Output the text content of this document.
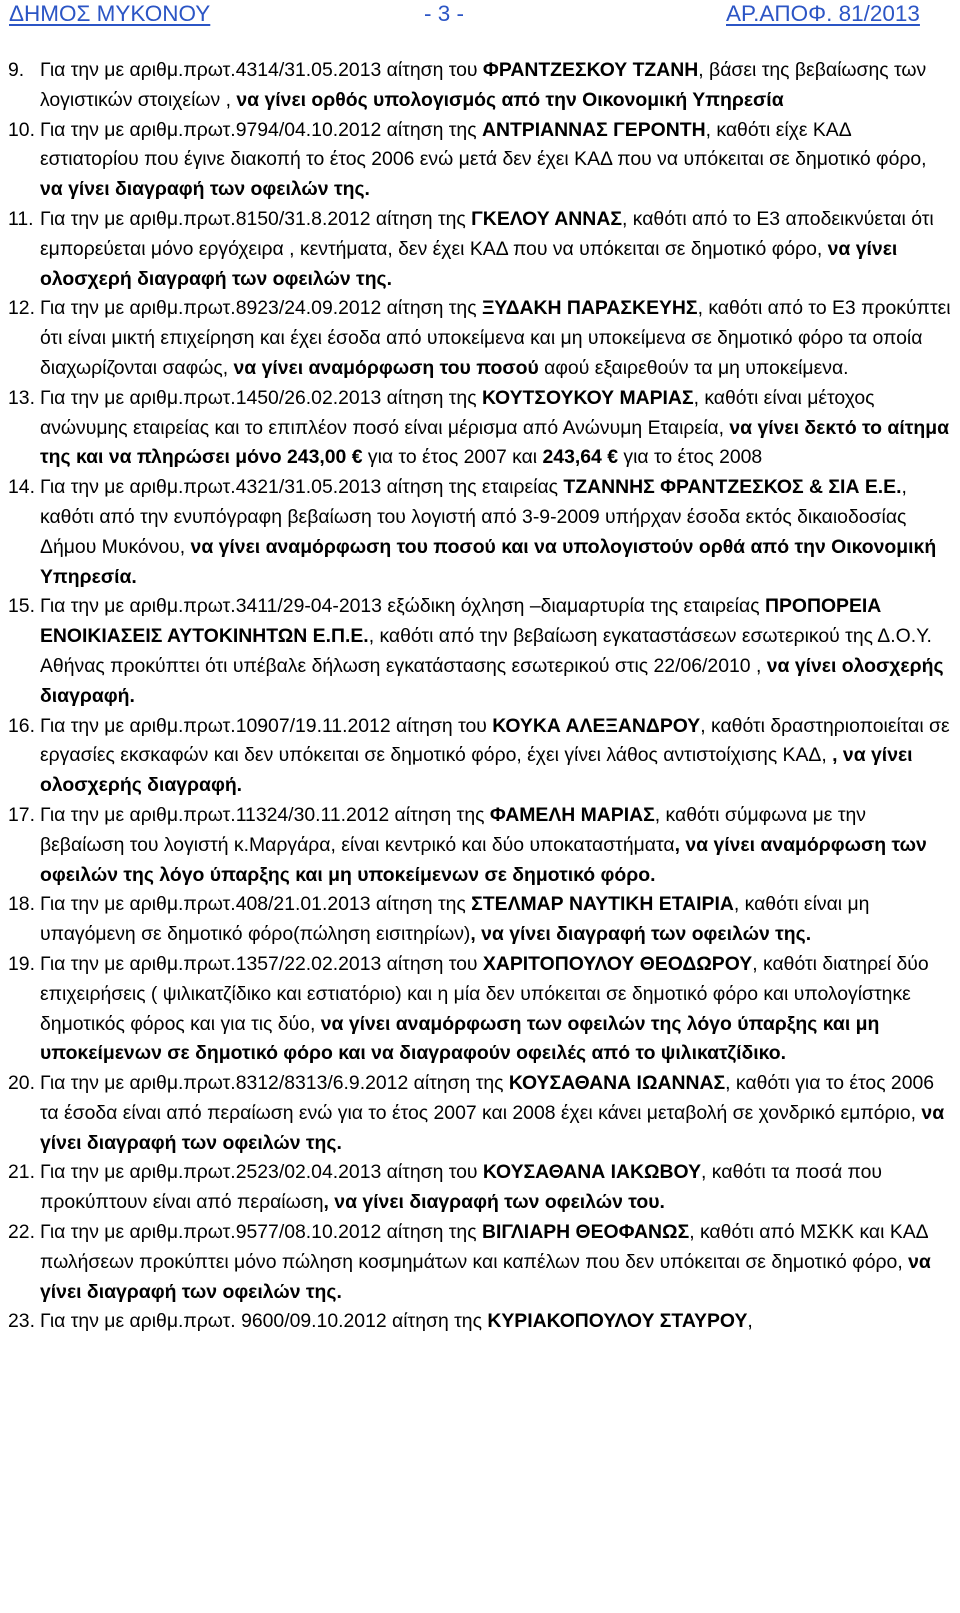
ΔΗΜΟΣ ΜΥΚΟΝΟΥ	- 3 -	ΑΡ.ΑΠΟΦ. 81/2013
9. Για την με αριθμ.πρωτ.4314/31.05.2013 αίτηση του ΦΡΑΝΤΖΕΣΚΟΥ ΤΖΑΝΗ, βάσει της βεβαίωσης των λογιστικών στοιχείων , να γίνει ορθός υπολογισμός από την Οικονομική Υπηρεσία
10. Για την με αριθμ.πρωτ.9794/04.10.2012 αίτηση της ΑΝΤΡΙΑΝΝΑΣ ΓΕΡΟΝΤΗ, καθότι είχε ΚΑΔ εστιατορίου που έγινε διακοπή το έτος 2006 ενώ μετά δεν έχει ΚΑΔ που να υπόκειται σε δημοτικό φόρο, να γίνει διαγραφή των οφειλών της.
11. Για την με αριθμ.πρωτ.8150/31.8.2012 αίτηση της ΓΚΕΛΟΥ ΑΝΝΑΣ, καθότι από το Ε3 αποδεικνύεται ότι εμπορεύεται μόνο εργόχειρα , κεντήματα, δεν έχει ΚΑΔ που να υπόκειται σε δημοτικό φόρο, να γίνει ολοσχερή διαγραφή των οφειλών της.
12. Για την με αριθμ.πρωτ.8923/24.09.2012 αίτηση της ΞΥΔΑΚΗ ΠΑΡΑΣΚΕΥΗΣ, καθότι από το Ε3 προκύπτει ότι είναι μικτή επιχείρηση και έχει έσοδα από υποκείμενα και μη υποκείμενα σε δημοτικό φόρο τα οποία διαχωρίζονται σαφώς, να γίνει αναμόρφωση του ποσού αφού εξαιρεθούν τα μη υποκείμενα.
13. Για την με αριθμ.πρωτ.1450/26.02.2013 αίτηση της ΚΟΥΤΣΟΥΚΟΥ ΜΑΡΙΑΣ, καθότι είναι μέτοχος ανώνυμης εταιρείας και το επιπλέον ποσό είναι μέρισμα από Ανώνυμη Εταιρεία, να γίνει δεκτό το αίτημα της και να πληρώσει μόνο 243,00 € για το έτος 2007 και 243,64 € για το έτος 2008
14. Για την με αριθμ.πρωτ.4321/31.05.2013 αίτηση της εταιρείας ΤΖΑΝΝΗΣ ΦΡΑΝΤΖΕΣΚΟΣ & ΣΙΑ Ε.Ε., καθότι από την ενυπόγραφη βεβαίωση του λογιστή από 3-9-2009 υπήρχαν έσοδα εκτός δικαιοδοσίας Δήμου Μυκόνου, να γίνει αναμόρφωση του ποσού και να υπολογιστούν ορθά από την Οικονομική Υπηρεσία.
15. Για την με αριθμ.πρωτ.3411/29-04-2013 εξώδικη όχληση –διαμαρτυρία της εταιρείας ΠΡΟΠΟΡΕΙΑ ΕΝΟΙΚΙΑΣΕΙΣ ΑΥΤΟΚΙΝΗΤΩΝ Ε.Π.Ε., καθότι από την βεβαίωση εγκαταστάσεων εσωτερικού της Δ.Ο.Υ. Αθήνας προκύπτει ότι υπέβαλε δήλωση εγκατάστασης εσωτερικού στις 22/06/2010 , να γίνει ολοσχερής διαγραφή.
16. Για την με αριθμ.πρωτ.10907/19.11.2012 αίτηση του ΚΟΥΚΑ ΑΛΕΞΑΝΔΡΟΥ, καθότι δραστηριοποιείται σε εργασίες εκσκαφών και δεν υπόκειται σε δημοτικό φόρο, έχει γίνει λάθος αντιστοίχισης ΚΑΔ, , να γίνει ολοσχερής διαγραφή.
17. Για την με αριθμ.πρωτ.11324/30.11.2012 αίτηση της ΦΑΜΕΛΗ ΜΑΡΙΑΣ, καθότι σύμφωνα με την βεβαίωση του λογιστή κ.Μαργάρα, είναι κεντρικό και δύο υποκαταστήματα, να γίνει αναμόρφωση των οφειλών της λόγο ύπαρξης και μη υποκείμενων σε δημοτικό φόρο.
18. Για την με αριθμ.πρωτ.408/21.01.2013 αίτηση της ΣΤΕΛΜΑΡ ΝΑΥΤΙΚΗ ΕΤΑΙΡΙΑ, καθότι είναι μη υπαγόμενη σε δημοτικό φόρο(πώληση εισιτηρίων), να γίνει διαγραφή των οφειλών της.
19. Για την με αριθμ.πρωτ.1357/22.02.2013 αίτηση του ΧΑΡΙΤΟΠΟΥΛΟΥ ΘΕΟΔΩΡΟΥ, καθότι διατηρεί δύο επιχειρήσεις ( ψιλικατζίδικο και εστιατόριο) και η μία δεν υπόκειται σε δημοτικό φόρο και υπολογίστηκε δημοτικός φόρος και για τις δύο, να γίνει αναμόρφωση των οφειλών της λόγο ύπαρξης και μη υποκείμενων σε δημοτικό φόρο και να διαγραφούν οφειλές από το ψιλικατζίδικο.
20. Για την με αριθμ.πρωτ.8312/8313/6.9.2012 αίτηση της ΚΟΥΣΑΘΑΝΑ ΙΩΑΝΝΑΣ, καθότι για το έτος 2006 τα έσοδα είναι από περαίωση ενώ για το έτος 2007 και 2008 έχει κάνει μεταβολή σε χονδρικό εμπόριο, να γίνει διαγραφή των οφειλών της.
21. Για την με αριθμ.πρωτ.2523/02.04.2013 αίτηση του ΚΟΥΣΑΘΑΝΑ ΙΑΚΩΒΟΥ, καθότι τα ποσά που προκύπτουν είναι από περαίωση, να γίνει διαγραφή των οφειλών του.
22. Για την με αριθμ.πρωτ.9577/08.10.2012 αίτηση της ΒΙΓΛΙΑΡΗ ΘΕΟΦΑΝΩΣ, καθότι από ΜΣΚΚ και ΚΑΔ πωλήσεων προκύπτει μόνο πώληση κοσμημάτων και καπέλων που δεν υπόκειται σε δημοτικό φόρο, να γίνει διαγραφή των οφειλών της.
23. Για την με αριθμ.πρωτ. 9600/09.10.2012 αίτηση της ΚΥΡΙΑΚΟΠΟΥΛΟΥ ΣΤΑΥΡΟΥ,
